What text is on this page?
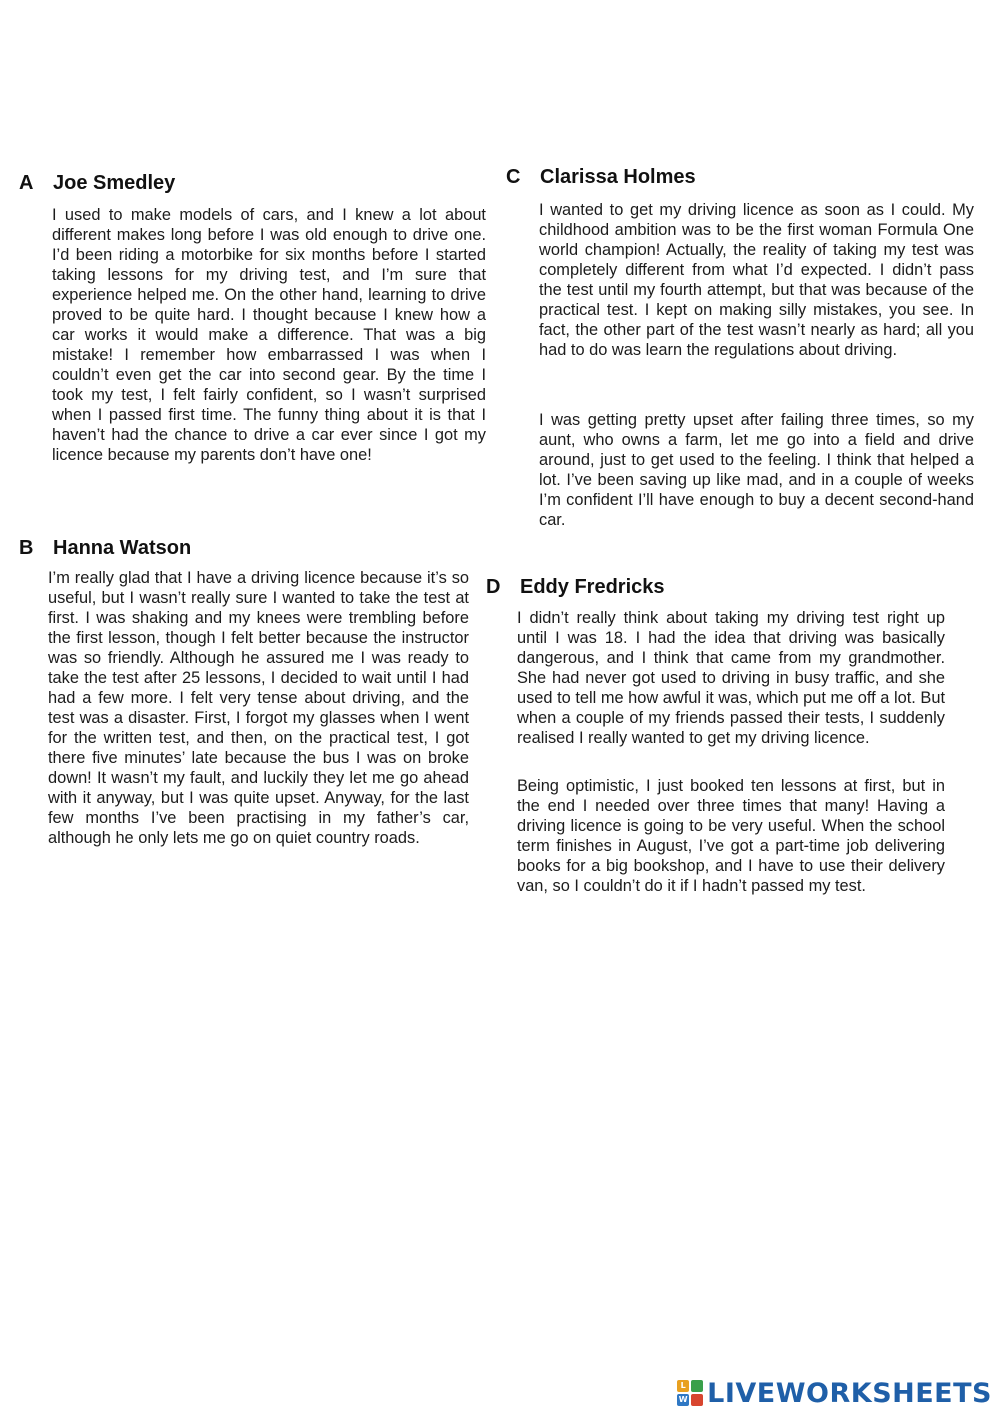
A Joe Smedley

I used to make models of cars, and I knew a lot about different makes long before I was old enough to drive one. I’d been riding a motorbike for six months before I started taking lessons for my driving test, and I’m sure that experience helped me. On the other hand, learning to drive proved to be quite hard. I thought because I knew how a car works it would make a difference. That was a big mistake! I remember how embarrassed I was when I couldn’t even get the car into second gear. By the time I took my test, I felt fairly confident, so I wasn’t surprised when I passed first time. The funny thing about it is that I haven’t had the chance to drive a car ever since I got my licence because my parents don’t have one!

B Hanna Watson

I’m really glad that I have a driving licence because it’s so useful, but I wasn’t really sure I wanted to take the test at first. I was shaking and my knees were trembling before the first lesson, though I felt better because the instructor was so friendly. Although he assured me I was ready to take the test after 25 lessons, I decided to wait until I had had a few more. I felt very tense about driving, and the test was a disaster. First, I forgot my glasses when I went for the written test, and then, on the practical test, I got there five minutes’ late because the bus I was on broke down! It wasn’t my fault, and luckily they let me go ahead with it anyway, but I was quite upset. Anyway, for the last few months I’ve been practising in my father’s car, although he only lets me go on quiet country roads.

C Clarissa Holmes

I wanted to get my driving licence as soon as I could. My childhood ambition was to be the first woman Formula One world champion! Actually, the reality of taking my test was completely different from what I’d expected. I didn’t pass the test until my fourth attempt, but that was because of the practical test. I kept on making silly mistakes, you see. In fact, the other part of the test wasn’t nearly as hard; all you had to do was learn the regulations about driving.

I was getting pretty upset after failing three times, so my aunt, who owns a farm, let me go into a field and drive around, just to get used to the feeling. I think that helped a lot. I’ve been saving up like mad, and in a couple of weeks I’m confident I’ll have enough to buy a decent second-hand car.

D Eddy Fredricks

I didn’t really think about taking my driving test right up until I was 18. I had the idea that driving was basically dangerous, and I think that came from my grandmother. She had never got used to driving in busy traffic, and she used to tell me how awful it was, which put me off a lot. But when a couple of my friends passed their tests, I suddenly realised I really wanted to get my driving licence.

Being optimistic, I just booked ten lessons at first, but in the end I needed over three times that many! Having a driving licence is going to be very useful. When the school term finishes in August, I’ve got a part-time job delivering books for a big bookshop, and I have to use their delivery van, so I couldn’t do it if I hadn’t passed my test.

L
W LIVEWORKSHEETS
